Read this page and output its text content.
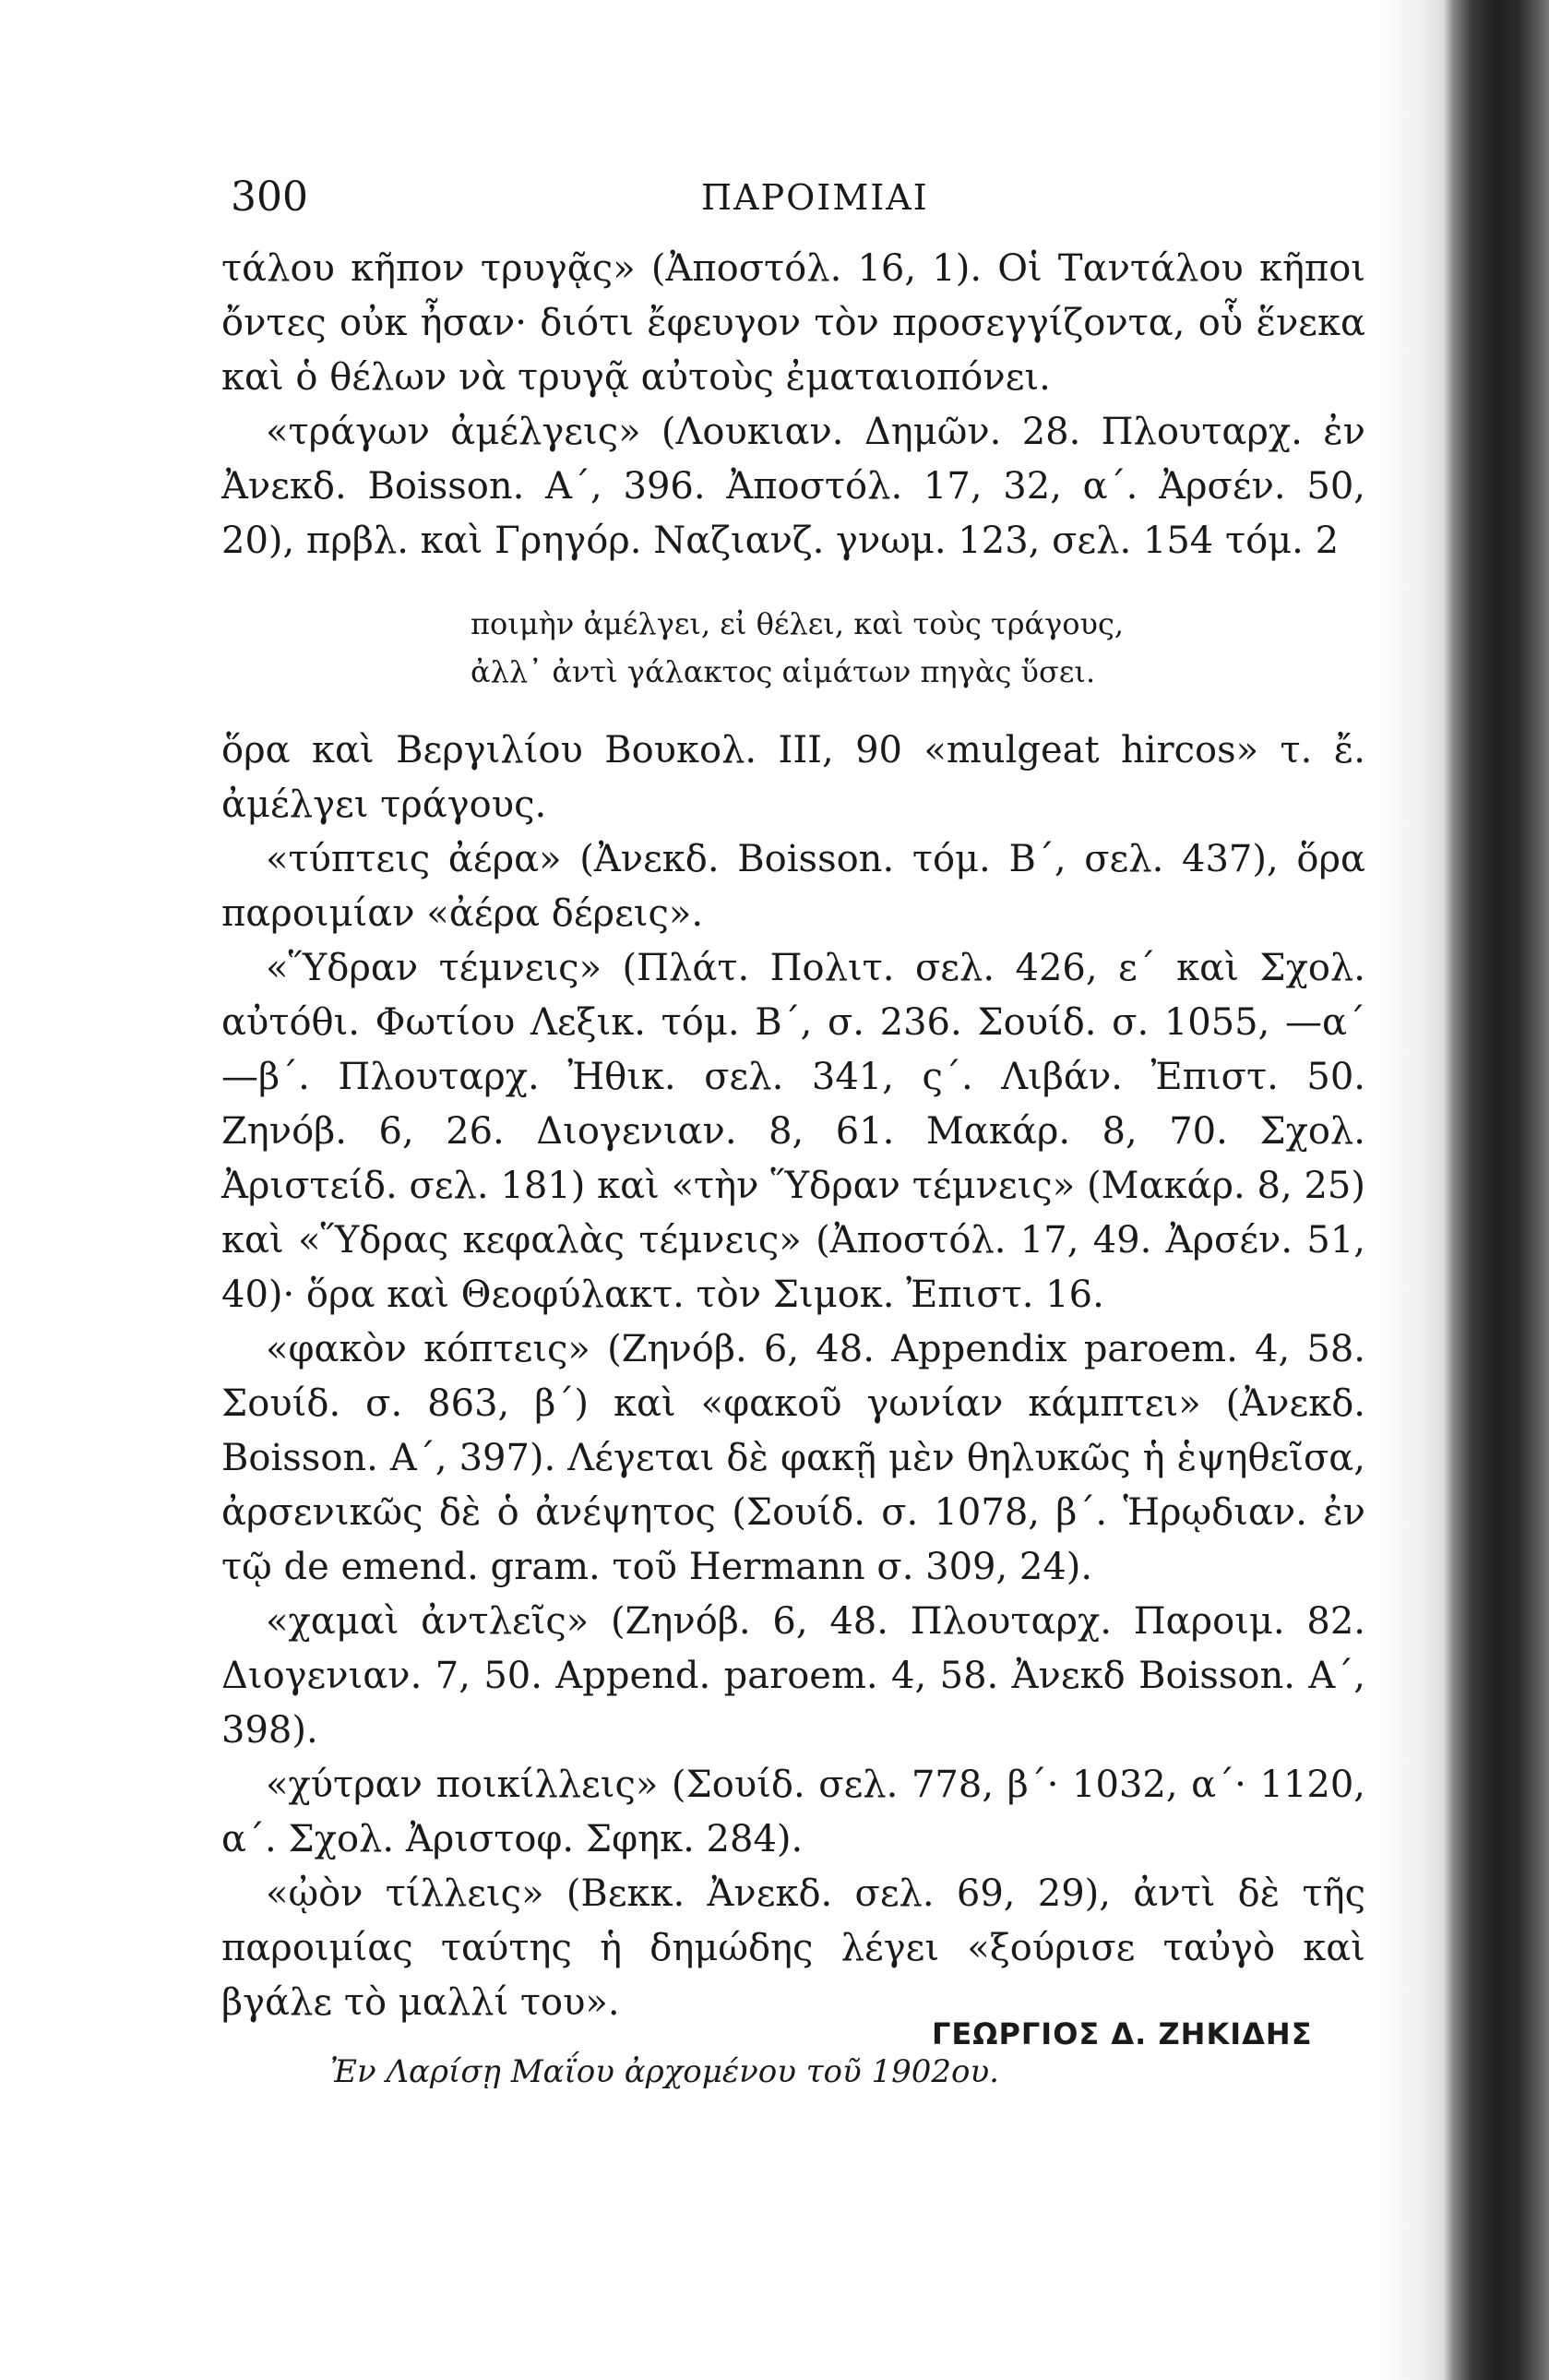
300	ΠΑΡΟΙΜΙΑΙ

τάλου κῆπον τρυγᾷς» (Ἀποστόλ. 16, 1). Οἱ Ταντάλου κῆποι ὄντες οὐκ ἦσαν· διότι ἔφευγον τὸν προσεγγίζοντα, οὗ ἕνεκα καὶ ὁ θέλων νὰ τρυγᾷ αὐτοὺς ἐματαιοπόνει.

«τράγων ἀμέλγεις» (Λουκιαν. Δημῶν. 28. Πλουταρχ. ἐν Ἀνεκδ. Boisson. Α΄, 396. Ἀποστόλ. 17, 32, α΄. Ἀρσέν. 50, 20), πρβλ. καὶ Γρηγόρ. Ναζιανζ. γνωμ. 123, σελ. 154 τόμ. 2

ποιμὴν ἀμέλγει, εἰ θέλει, καὶ τοὺς τράγους,
ἀλλ᾽ ἀντὶ γάλακτος αἱμάτων πηγὰς ὕσει.

ὅρα καὶ Βεργιλίου Βουκολ. III, 90 «mulgeat hircos» τ. ἔ. ἀμέλγει τράγους.

«τύπτεις ἀέρα» (Ἀνεκδ. Boisson. τόμ. Β΄, σελ. 437), ὅρα παροιμίαν «ἀέρα δέρεις».

«Ὕδραν τέμνεις» (Πλάτ. Πολιτ. σελ. 426, ε΄ καὶ Σχολ. αὐτόθι. Φωτίου Λεξικ. τόμ. Β΄, σ. 236. Σουίδ. σ. 1055, —α΄—β΄. Πλουταρχ. Ἠθικ. σελ. 341, ς΄. Λιβάν. Ἐπιστ. 50. Ζηνόβ. 6, 26. Διογενιαν. 8, 61. Μακάρ. 8, 70. Σχολ. Ἀριστείδ. σελ. 181) καὶ «τὴν Ὕδραν τέμνεις» (Μακάρ. 8, 25) καὶ «Ὕδρας κεφαλὰς τέμνεις» (Ἀποστόλ. 17, 49. Ἀρσέν. 51, 40)· ὅρα καὶ Θεοφύλακτ. τὸν Σιμοκ. Ἐπιστ. 16.

«φακὸν κόπτεις» (Ζηνόβ. 6, 48. Appendix paroem. 4, 58. Σουίδ. σ. 863, β΄) καὶ «φακοῦ γωνίαν κάμπτει» (Ἀνεκδ. Boisson. Α΄, 397). Λέγεται δὲ φακῇ μὲν θηλυκῶς ἡ ἑψηθεῖσα, ἀρσενικῶς δὲ ὁ ἀνέψητος (Σουίδ. σ. 1078, β΄. Ἡρῳδιαν. ἐν τῷ de emend. gram. τοῦ Hermann σ. 309, 24).

«χαμαὶ ἀντλεῖς» (Ζηνόβ. 6, 48. Πλουταρχ. Παροιμ. 82. Διογενιαν. 7, 50. Append. paroem. 4, 58. Ἀνεκδ Boisson. Α΄, 398).

«χύτραν ποικίλλεις» (Σουίδ. σελ. 778, β΄· 1032, α΄· 1120, α΄. Σχολ. Ἀριστοφ. Σφηκ. 284).

«ᾠὸν τίλλεις» (Βεκκ. Ἀνεκδ. σελ. 69, 29), ἀντὶ δὲ τῆς παροιμίας ταύτης ἡ δημώδης λέγει «ξούρισε ταὐγὸ καὶ βγάλε τὸ μαλλί του».

Ἐν Λαρίσῃ Μαΐου ἀρχομένου τοῦ 1902ου.
ΓΕΩΡΓΙΟΣ Δ. ΖΗΚΙΔΗΣ
